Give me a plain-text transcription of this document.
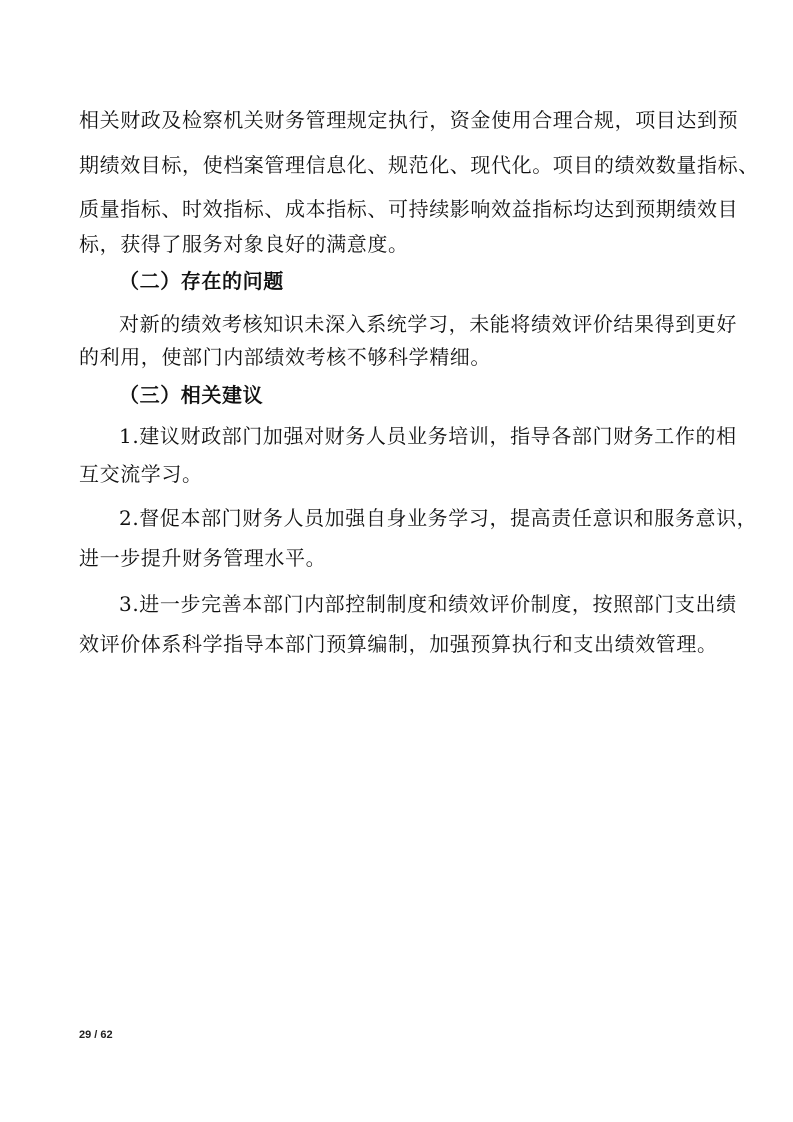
相关财政及检察机关财务管理规定执行，资金使用合理合规，项目达到预
期绩效目标，使档案管理信息化、规范化、现代化。项目的绩效数量指标、
质量指标、时效指标、成本指标、可持续影响效益指标均达到预期绩效目
标，获得了服务对象良好的满意度。
（二）存在的问题
对新的绩效考核知识未深入系统学习，未能将绩效评价结果得到更好
的利用，使部门内部绩效考核不够科学精细。
（三）相关建议
1.建议财政部门加强对财务人员业务培训，指导各部门财务工作的相
互交流学习。
2.督促本部门财务人员加强自身业务学习，提高责任意识和服务意识，
进一步提升财务管理水平。
3.进一步完善本部门内部控制制度和绩效评价制度，按照部门支出绩
效评价体系科学指导本部门预算编制，加强预算执行和支出绩效管理。
29 / 62
